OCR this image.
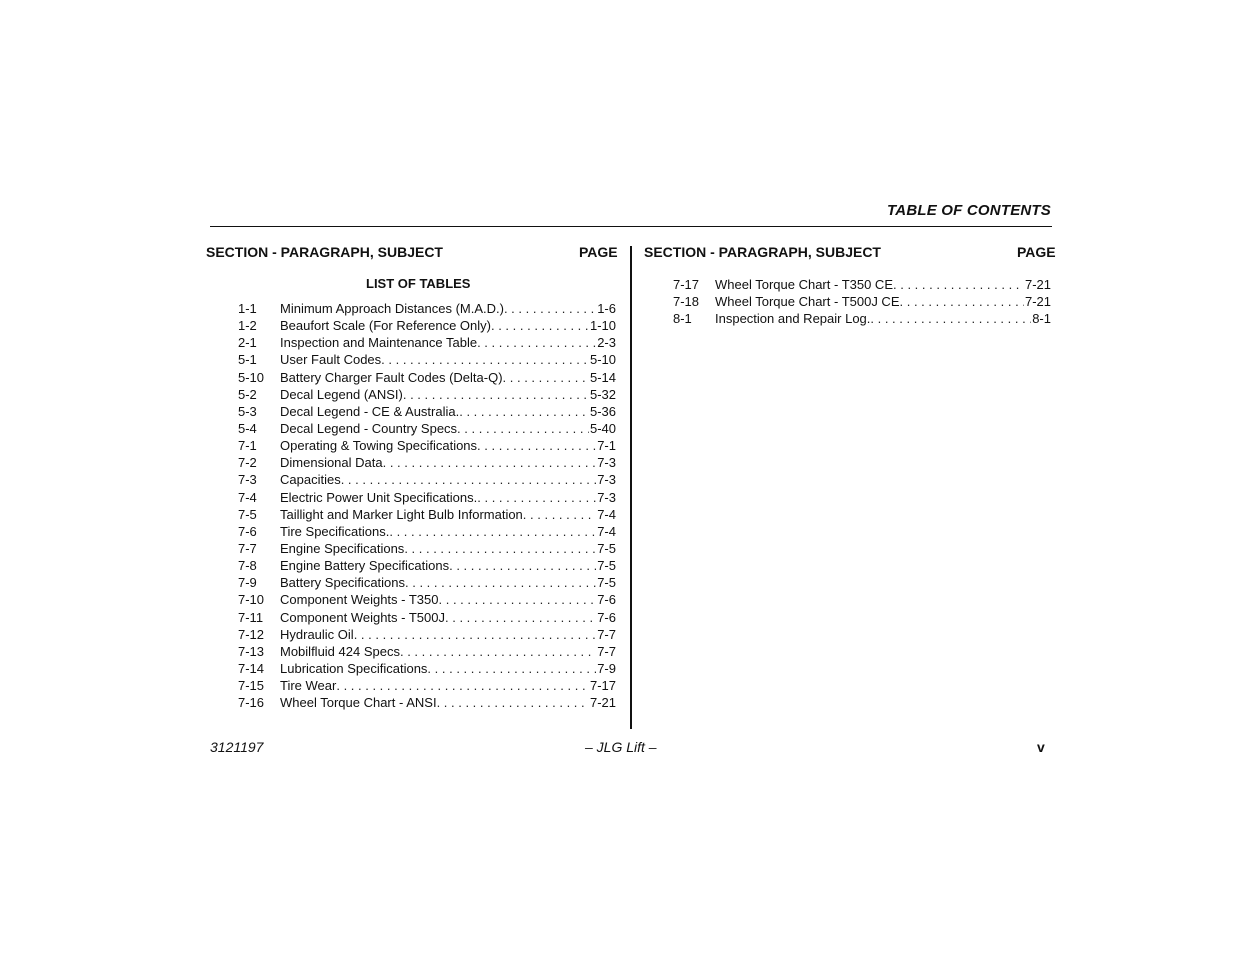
TABLE OF CONTENTS
SECTION - PARAGRAPH, SUBJECT	PAGE SECTION - PARAGRAPH, SUBJECT	PAGE
LIST OF TABLES
1-1 Minimum Approach Distances (M.A.D.) . . .	1-6
1-2 Beaufort Scale (For Reference Only) . . .	1-10
2-1 Inspection and Maintenance Table . . .	2-3
5-1 User Fault Codes . . .	5-10
5-10 Battery Charger Fault Codes (Delta-Q) . . .	5-14
5-2 Decal Legend (ANSI) . . .	5-32
5-3 Decal Legend - CE & Australia. . . .	5-36
5-4 Decal Legend - Country Specs . . .	5-40
7-1 Operating & Towing Specifications . . .	7-1
7-2 Dimensional Data . . .	7-3
7-3 Capacities . . .	7-3
7-4 Electric Power Unit Specifications. . . .	7-3
7-5 Taillight and Marker Light Bulb Information . . .	7-4
7-6 Tire Specifications. . . .	7-4
7-7 Engine Specifications . . .	7-5
7-8 Engine Battery Specifications . . .	7-5
7-9 Battery Specifications . . .	7-5
7-10 Component Weights - T350 . . .	7-6
7-11 Component Weights - T500J . . .	7-6
7-12 Hydraulic Oil . . .	7-7
7-13 Mobilfluid 424 Specs . . .	7-7
7-14 Lubrication Specifications . . .	7-9
7-15 Tire Wear . . .	7-17
7-16 Wheel Torque Chart - ANSI . . .	7-21
7-17 Wheel Torque Chart - T350 CE . . .	7-21
7-18 Wheel Torque Chart - T500J CE . . .	7-21
8-1 Inspection and Repair Log. . . .	8-1
3121197	– JLG Lift –	v
